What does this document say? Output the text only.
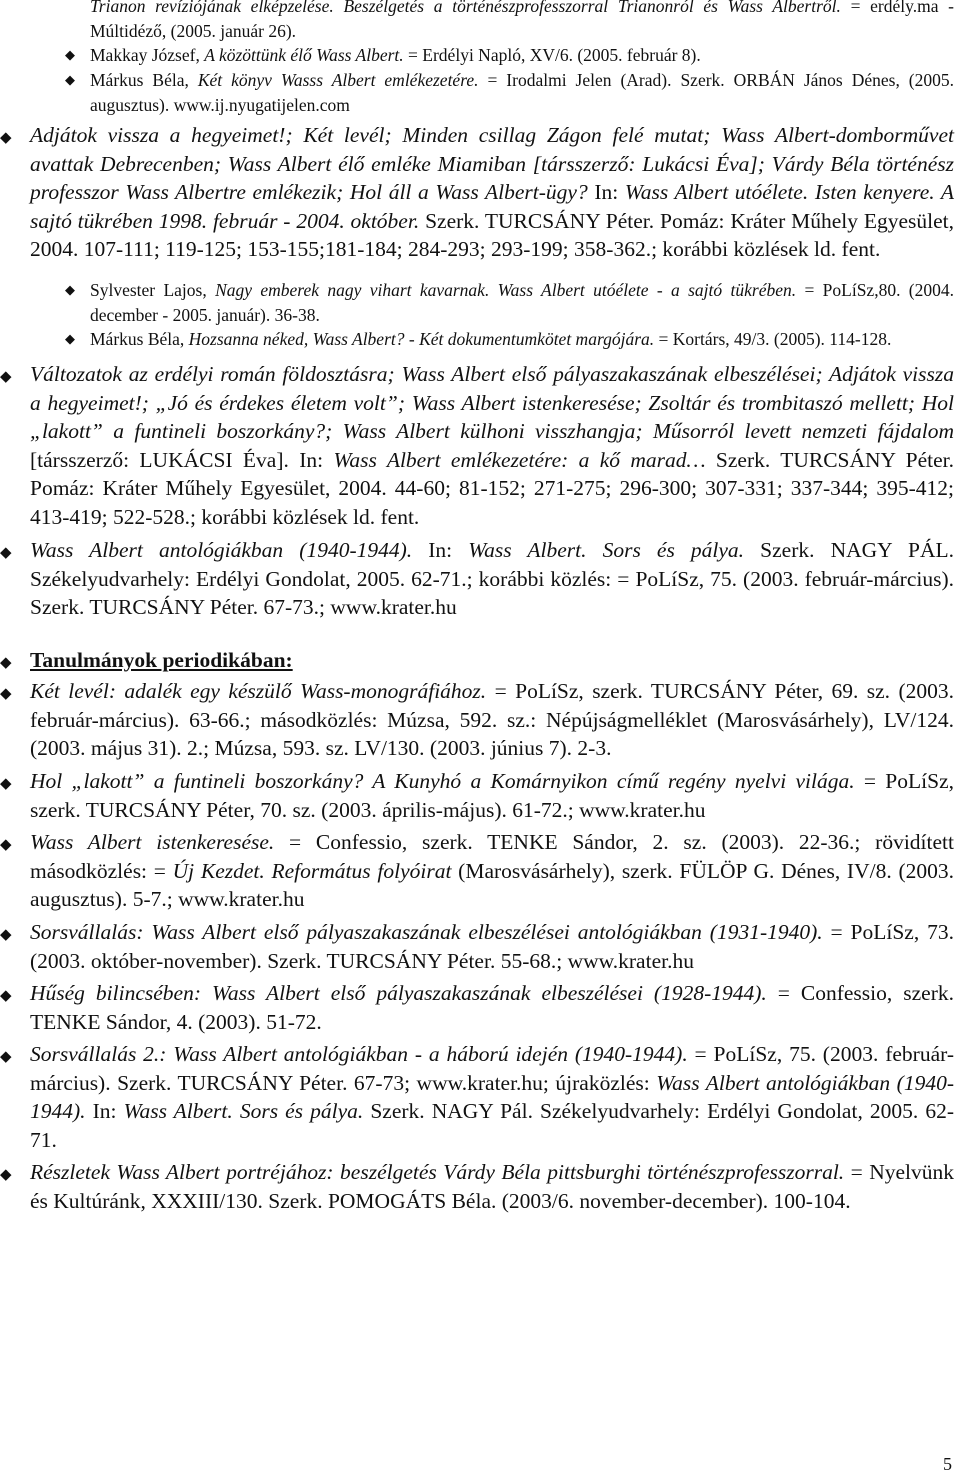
Trianon revíziójának elképzelése. Beszélgetés a történészprofesszorral Trianonról és Wass Albertről. = erdély.ma - Múltidéző, (2005. január 26).

◆

Makkay József, A közöttünk élő Wass Albert. = Erdélyi Napló, XV/6. (2005. február 8).

◆

Márkus Béla, Két könyv Wasss Albert emlékezetére. = Irodalmi Jelen (Arad). Szerk. ORBÁN János Dénes, (2005. augusztus). www.ij.nyugatijelen.com

◆

Adjátok vissza a hegyeimet!; Két levél; Minden csillag Zágon felé mutat; Wass Albert-domborművet avattak Debrecenben; Wass Albert élő emléke Miamiban [társszerző: Lukácsi Éva]; Várdy Béla történész professzor Wass Albertre emlékezik; Hol áll a Wass Albert-ügy? In: Wass Albert utóélete. Isten kenyere. A sajtó tükrében 1998. február - 2004. október. Szerk. TURCSÁNY Péter. Pomáz: Kráter Műhely Egyesület, 2004. 107-111; 119-125; 153-155;181-184; 284-293; 293-199; 358-362.; korábbi közlések ld. fent.

◆

Sylvester Lajos, Nagy emberek nagy vihart kavarnak. Wass Albert utóélete - a sajtó tükrében. = PoLíSz,80. (2004. december - 2005. január). 36-38.

◆

Márkus Béla, Hozsanna néked, Wass Albert? - Két dokumentumkötet margójára. = Kortárs, 49/3. (2005). 114-128.

◆

Változatok az erdélyi román földosztásra; Wass Albert első pályaszakaszának elbeszélései; Adjátok vissza a hegyeimet!; „Jó és érdekes életem volt”; Wass Albert istenkeresése; Zsoltár és trombitaszó mellett; Hol „lakott” a funtineli boszorkány?; Wass Albert külhoni visszhangja; Műsorról levett nemzeti fájdalom [társszerző: LUKÁCSI Éva]. In: Wass Albert emlékezetére: a kő marad… Szerk. TURCSÁNY Péter. Pomáz: Kráter Műhely Egyesület, 2004. 44-60; 81-152; 271-275; 296-300; 307-331; 337-344; 395-412; 413-419; 522-528.; korábbi közlések ld. fent.

◆

Wass Albert antológiákban (1940-1944). In: Wass Albert. Sors és pálya. Szerk. NAGY PÁL. Székelyudvarhely: Erdélyi Gondolat, 2005. 62-71.; korábbi közlés: = PoLíSz, 75. (2003. február-március). Szerk. TURCSÁNY Péter. 67-73.; www.krater.hu

◆

Tanulmányok periodikában:

◆

Két levél: adalék egy készülő Wass-monográfiához. = PoLíSz, szerk. TURCSÁNY Péter, 69. sz. (2003. február-március). 63-66.; másodközlés: Múzsa, 592. sz.: Népújságmelléklet (Marosvásárhely), LV/124. (2003. május 31). 2.; Múzsa, 593. sz. LV/130. (2003. június 7). 2-3.

◆

Hol „lakott” a funtineli boszorkány? A Kunyhó a Komárnyikon című regény nyelvi világa. = PoLíSz, szerk. TURCSÁNY Péter, 70. sz. (2003. április-május). 61-72.; www.krater.hu

◆

Wass Albert istenkeresése. = Confessio, szerk. TENKE Sándor, 2. sz. (2003). 22-36.; rövidített másodközlés: = Új Kezdet. Református folyóirat (Marosvásárhely), szerk. FÜLÖP G. Dénes, IV/8. (2003. augusztus). 5-7.; www.krater.hu

◆

Sorsvállalás: Wass Albert első pályaszakaszának elbeszélései antológiákban (1931-1940). = PoLíSz, 73. (2003. október-november). Szerk. TURCSÁNY Péter. 55-68.; www.krater.hu

◆

Hűség bilincsében: Wass Albert első pályaszakaszának elbeszélései (1928-1944). = Confessio, szerk. TENKE Sándor, 4. (2003). 51-72.

◆

Sorsvállalás 2.: Wass Albert antológiákban - a háború idején (1940-1944). = PoLíSz, 75. (2003. február-március). Szerk. TURCSÁNY Péter. 67-73; www.krater.hu; újraközlés: Wass Albert antológiákban (1940-1944). In: Wass Albert. Sors és pálya. Szerk. NAGY Pál. Székelyudvarhely: Erdélyi Gondolat, 2005. 62-71.

◆

Részletek Wass Albert portréjához: beszélgetés Várdy Béla pittsburghi történészprofesszorral. = Nyelvünk és Kultúránk, XXXIII/130. Szerk. POMOGÁTS Béla. (2003/6. november-december). 100-104.

5
